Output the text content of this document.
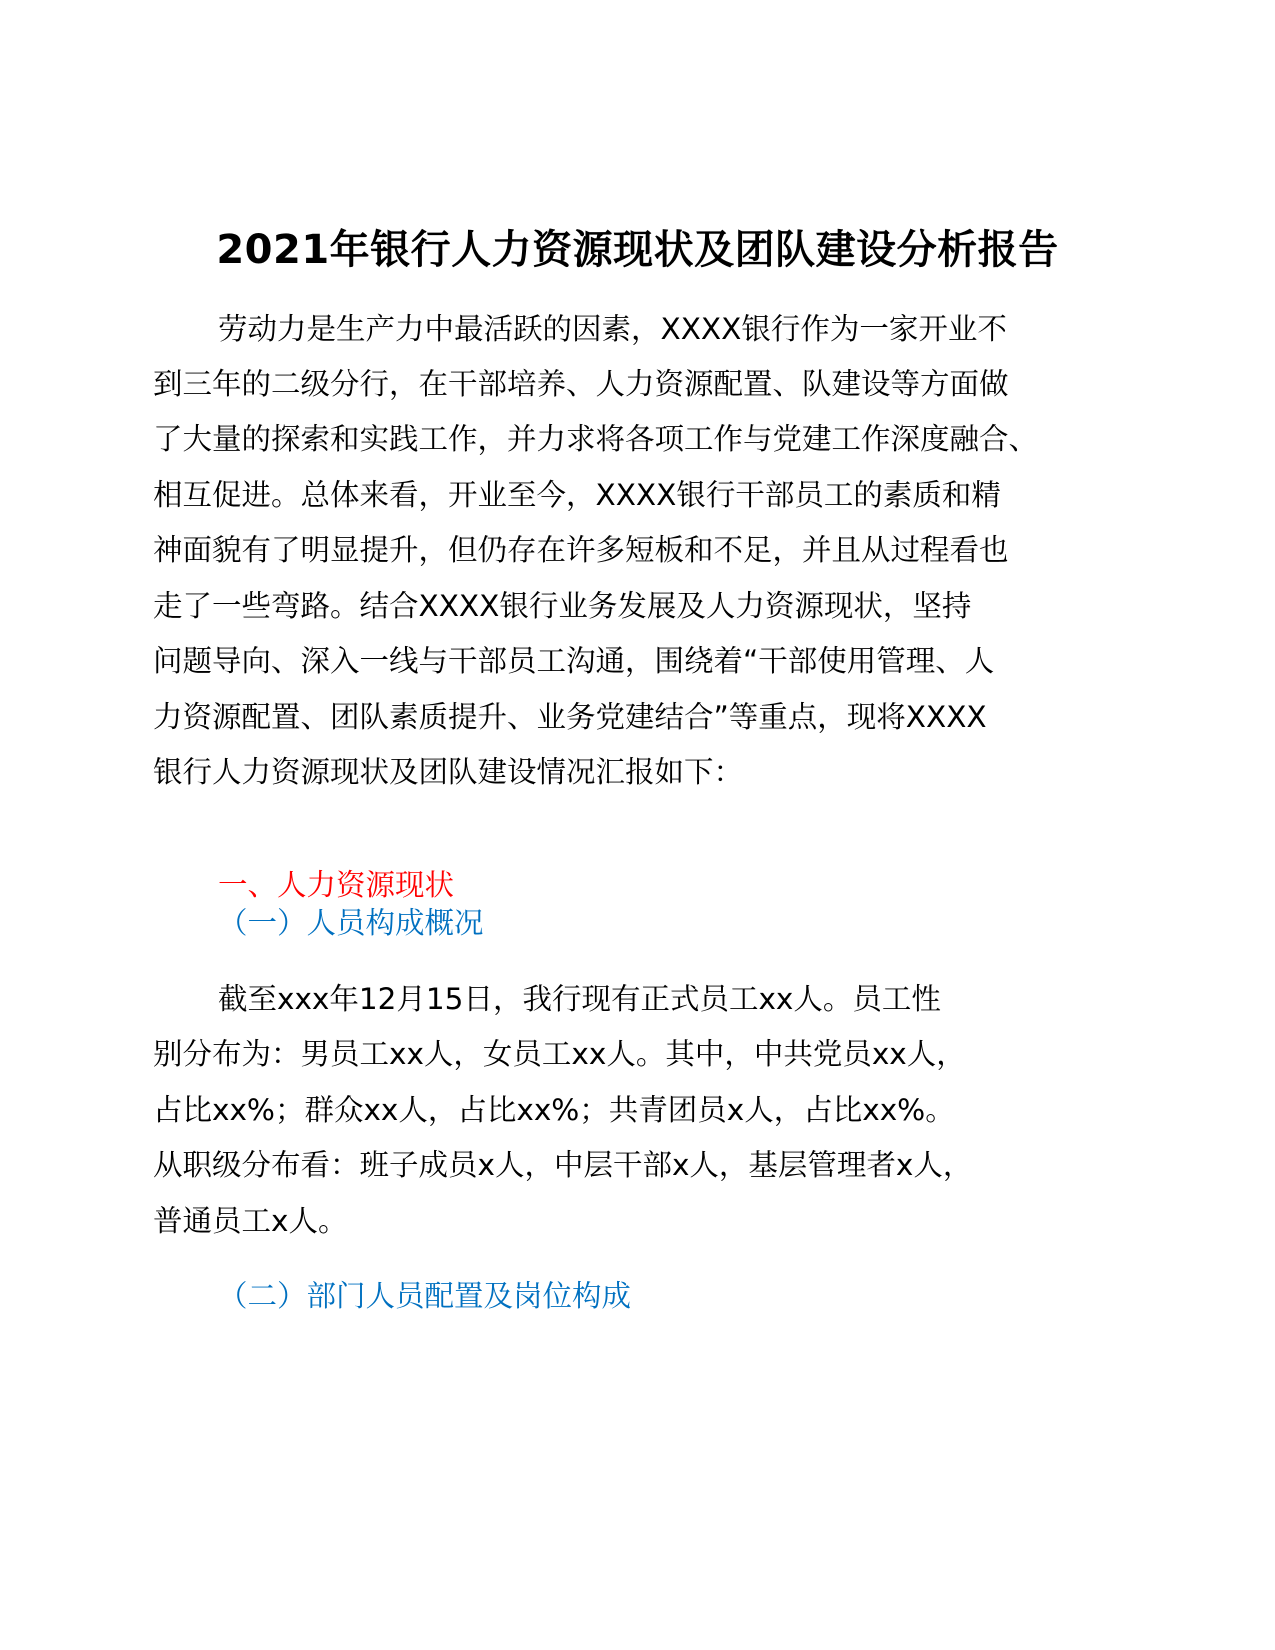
2021年银行人力资源现状及团队建设分析报告
劳动力是生产力中最活跃的因素，XXXX银行作为一家开业不
到三年的二级分行，在干部培养、人力资源配置、队建设等方面做
了大量的探索和实践工作，并力求将各项工作与党建工作深度融合、
相互促进。总体来看，开业至今，XXXX银行干部员工的素质和精
神面貌有了明显提升，但仍存在许多短板和不足，并且从过程看也
走了一些弯路。结合XXXX银行业务发展及人力资源现状，坚持
问题导向、深入一线与干部员工沟通，围绕着“干部使用管理、人
力资源配置、团队素质提升、业务党建结合”等重点，现将XXXX
银行人力资源现状及团队建设情况汇报如下：
一、人力资源现状
（一）人员构成概况
截至xxx年12月15日，我行现有正式员工xx人。员工性
别分布为：男员工xx人，女员工xx人。其中，中共党员xx人，
占比xx%；群众xx人，占比xx%；共青团员x人，占比xx%。
从职级分布看：班子成员x人，中层干部x人，基层管理者x人，
普通员工x人。
（二）部门人员配置及岗位构成
